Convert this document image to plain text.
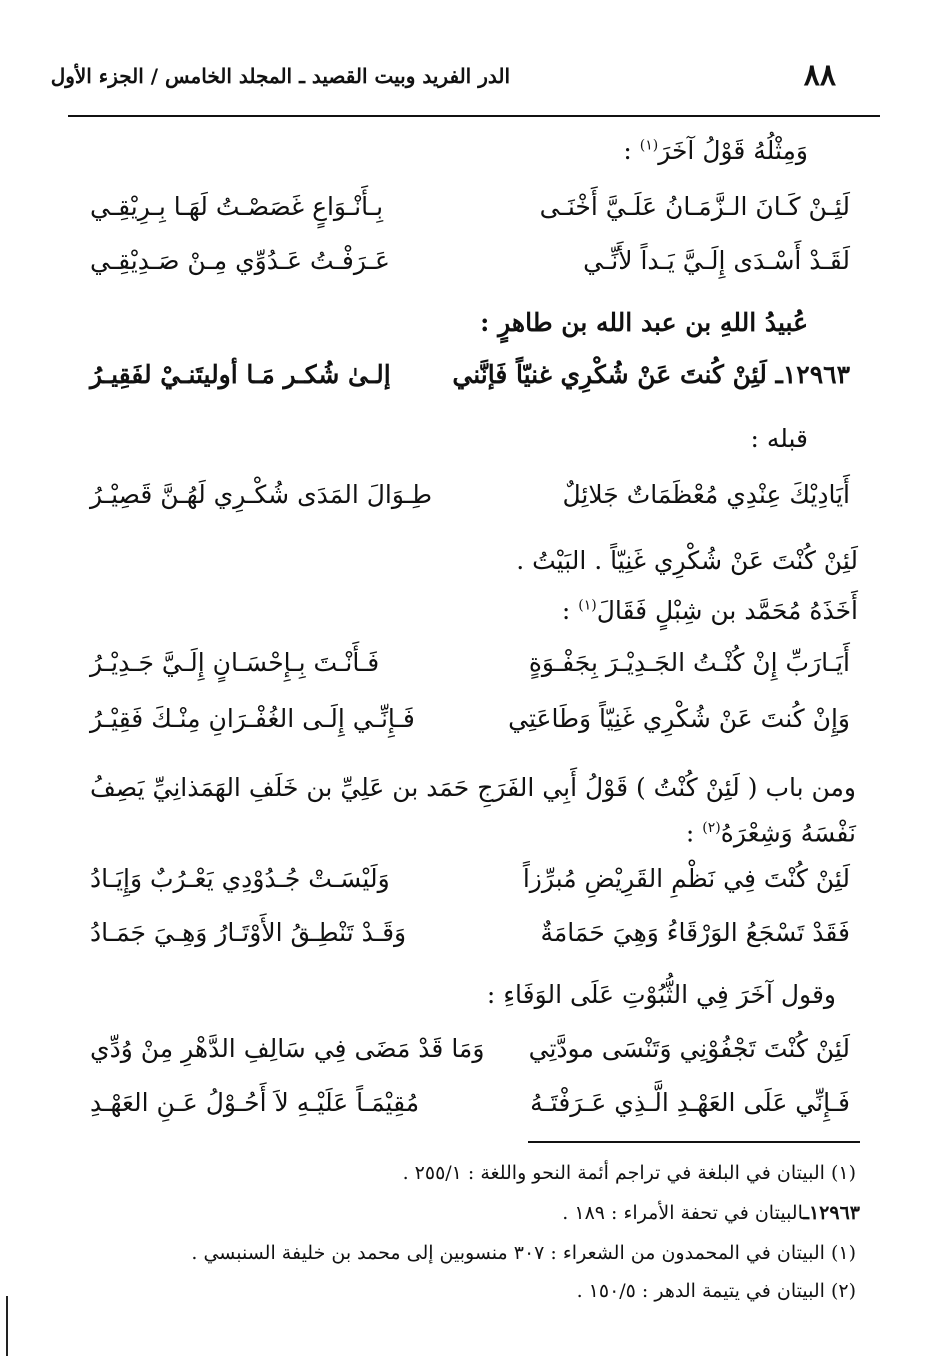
٨٨
الدر الفريد وبيت القصيد ـ المجلد الخامس / الجزء الأول
وَمِثْلُهُ قَوْلُ آخَرَ$^{(١)}$ :
لَئِـنْ كَـانَ الـزَّمَـانُ عَلَـيَّ أَخْنَـى
بِـأَنْـوَاعٍ غَصَصْـتُ لَهَـا بِـرِيْقِـي
لَقَـدْ أَسْـدَى إِلَـيَّ يَـداً لأَنِّـي
عَـرَفْـتُ عَـدُوِّي مِـنْ صَـدِيْقِـي
عُبيدُ اللهِ بن عبد الله بن طاهرٍ :
١٢٩٦٣ـ لَئِنْ كُنتَ عَنْ شُكْرِي غنيّاً فَإنَّني
إلـىٰ شُكـر مَـا أوليتَنـيْ لفَقِيـرُ
قبله :
أَيَادِيْكَ عِنْدِي مُعْظَمَاتٌ جَلائِلٌ
طِـوَالَ المَدَى شُكْـرِي لَهُـنَّ قَصِيْـرُ
لَئِنْ كُنْتَ عَنْ شُكْرِي غَنِيّاً . البَيْتُ .
أَخَذَهُ مُحَمَّد بن شِبْلٍ فَقَالَ$^{(١)}$ :
أَيَـارَبِّ إِنْ كُنْـتُ الجَـدِيْـرَ بِجَفْـوَةٍ
فَـأَنْـتَ بِـإِحْسَـانٍ إِلَـيَّ جَـدِيْـرُ
وَإِنْ كُنتَ عَنْ شُكْرِي غَنِيّاً وَطَاعَتِي
فَـإِنِّـي إِلَـى الغُفْـرَانِ مِنْـكَ فَقِيْـرُ
ومن باب ( لَئِنْ كُنْتُ ) قَوْلُ أَبِي الفَرَجِ حَمَد بن عَلِيِّ بن خَلَفِ الهَمَذانِيِّ يَصِفُ نَفْسَهُ وَشِعْرَهُ$^{(٢)}$ :
لَئِنْ كُنْتَ فِي نَظْمِ القَرِيْضِ مُبرِّزاً
وَلَيْسَـتْ جُـدُوْدِي يَعْـرُبٌ وَإِيَـادُ
فَقَدْ تَسْجَعُ الوَرْقَاءُ وَهِيَ حَمَامَةٌ
وَقَـدْ تَنْطِـقُ الأَوْتَـارُ وَهِـيَ جَمَـادُ
وقول آخَرَ فِي الثُّبُوْتِ عَلَى الوَفَاءِ :
لَئِنْ كُنْتَ تَجْفُوْنِي وَتَنْسَى مودَّتِي
وَمَا قَدْ مَضَى فِي سَالِفِ الدَّهْرِ مِنْ وُدِّي
فَـإِنِّي عَلَى العَهْـدِ الَّـذِي عَـرَفْتَـهُ
مُقِيْمَـاً عَلَيْـهِ لاَ أَحُـوْلُ عَـنِ العَهْـدِ
(١) البيتان في البلغة في تراجم أئمة النحو واللغة : ٢٥٥/١ .
١٢٩٦٣ـالبيتان في تحفة الأمراء : ١٨٩ .
(١) البيتان في المحمدون من الشعراء : ٣٠٧ منسوبين إلى محمد بن خليفة السنبسي .
(٢) البيتان في يتيمة الدهر : ١٥٠/٥ .
